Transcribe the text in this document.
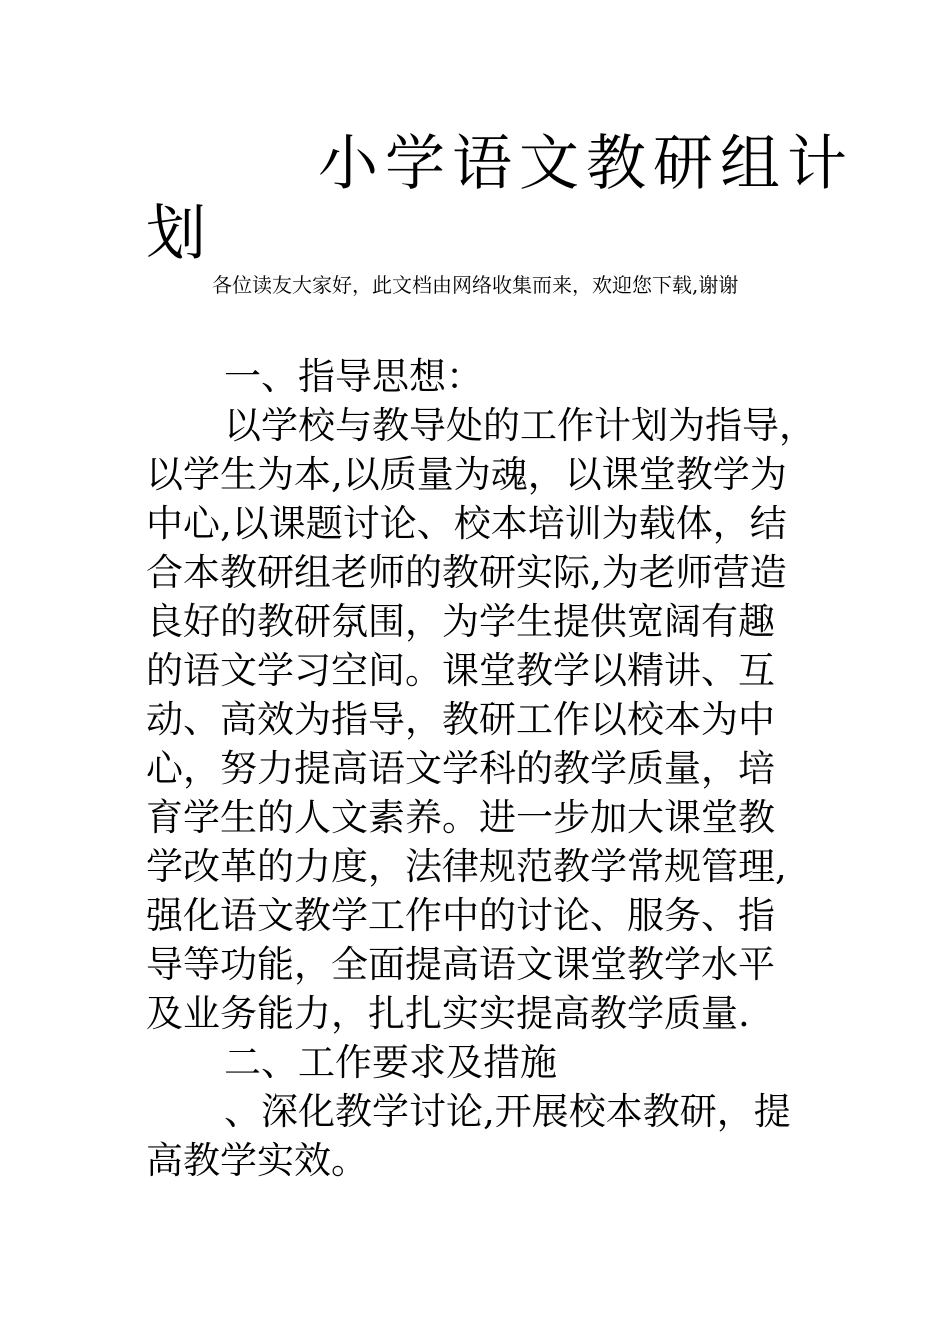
小学语文教研组计
划
各位读友大家好，此文档由网络收集而来，欢迎您下载,谢谢
一、指导思想：
以学校与教导处的工作计划为指导，
以学生为本,以质量为魂，以课堂教学为
中心,以课题讨论、校本培训为载体，结
合本教研组老师的教研实际,为老师营造
良好的教研氛围，为学生提供宽阔有趣
的语文学习空间。课堂教学以精讲、互
动、高效为指导，教研工作以校本为中
心，努力提高语文学科的教学质量，培
育学生的人文素养。进一步加大课堂教
学改革的力度，法律规范教学常规管理,
强化语文教学工作中的讨论、服务、指
导等功能，全面提高语文课堂教学水平
及业务能力，扎扎实实提高教学质量.
二、工作要求及措施
、深化教学讨论,开展校本教研，提
高教学实效。
